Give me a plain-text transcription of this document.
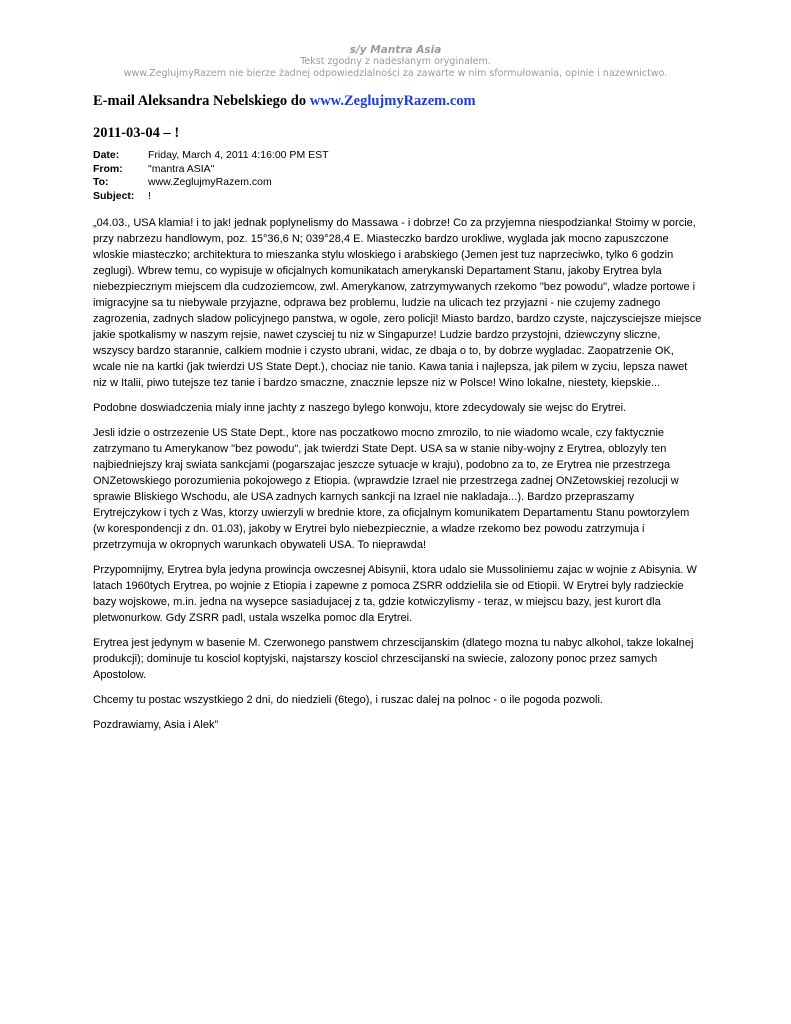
s/y Mantra Asia
Tekst zgodny z nadesłanym oryginałem.
www.ZeglujmyRazem nie bierze żadnej odpowiedzialności za zawarte w nim sformułowania, opinie i nazewnictwo.
E-mail Aleksandra Nebelskiego do www.ZeglujmyRazem.com
2011-03-04 – !
Date:	Friday, March 4, 2011 4:16:00 PM EST
From:	"mantra ASIA"
To:	www.ZeglujmyRazem.com
Subject:	!

„04.03., USA klamia! i to jak! jednak poplynelismy do Massawa - i dobrze! Co za przyjemna niespodzianka! Stoimy w porcie, przy nabrzezu handlowym, poz. 15°36,6 N; 039°28,4 E. Miasteczko bardzo urokliwe, wyglada jak mocno zapuszczone wloskie miasteczko; architektura to mieszanka stylu wloskiego i arabskiego (Jemen jest tuz naprzeciwko, tylko 6 godzin zeglugi). Wbrew temu, co wypisuje w oficjalnych komunikatach amerykanski Departament Stanu, jakoby Erytrea byla niebezpiecznym miejscem dla cudzoziemcow, zwl. Amerykanow, zatrzymywanych rzekomo "bez powodu", wladze portowe i imigracyjne sa tu niebywale przyjazne, odprawa bez problemu, ludzie na ulicach tez przyjazni - nie czujemy zadnego zagrozenia, zadnych sladow policyjnego panstwa, w ogole, zero policji! Miasto bardzo, bardzo czyste, najczysciejsze miejsce jakie spotkalismy w naszym rejsie, nawet czysciej tu niz w Singapurze! Ludzie bardzo przystojni, dziewczyny sliczne, wszyscy bardzo starannie, calkiem modnie i czysto ubrani, widac, ze dbaja o to, by dobrze wygladac. Zaopatrzenie OK, wcale nie na kartki (jak twierdzi US State Dept.), chociaz nie tanio. Kawa tania i najlepsza, jak pilem w zyciu, lepsza nawet niz w Italii, piwo tutejsze tez tanie i bardzo smaczne, znacznie lepsze niz w Polsce! Wino lokalne, niestety, kiepskie...

Podobne doswiadczenia mialy inne jachty z naszego bylego konwoju, ktore zdecydowaly sie wejsc do Erytrei.

Jesli idzie o ostrzezenie US State Dept., ktore nas poczatkowo mocno zmrozilo, to nie wiadomo wcale, czy faktycznie zatrzymano tu Amerykanow "bez powodu", jak twierdzi State Dept. USA sa w stanie niby-wojny z Erytrea, oblozyly ten najbiedniejszy kraj swiata sankcjami (pogarszajac jeszcze sytuacje w kraju), podobno za to, ze Erytrea nie przestrzega ONZetowskiego porozumienia pokojowego z Etiopia. (wprawdzie Izrael nie przestrzega zadnej ONZetowskiej rezolucji w sprawie Bliskiego Wschodu, ale USA zadnych karnych sankcji na Izrael nie nakladaja...). Bardzo przepraszamy Erytrejczykow i tych z Was, ktorzy uwierzyli w brednie ktore, za oficjalnym komunikatem Departamentu Stanu powtorzylem (w korespondencji z dn. 01.03), jakoby w Erytrei bylo niebezpiecznie, a wladze rzekomo bez powodu zatrzymuja i przetrzymuja w okropnych warunkach obywateli USA. To nieprawda!

Przypomnijmy, Erytrea byla jedyna prowincja owczesnej Abisynii, ktora udalo sie Mussoliniemu zajac w wojnie z Abisynia. W latach 1960tych Erytrea, po wojnie z Etiopia i zapewne z pomoca ZSRR oddzielila sie od Etiopii. W Erytrei byly radzieckie bazy wojskowe, m.in. jedna na wysepce sasiadujacej z ta, gdzie kotwiczylismy - teraz, w miejscu bazy, jest kurort dla pletwonurkow. Gdy ZSRR padl, ustala wszelka pomoc dla Erytrei.

Erytrea jest jedynym w basenie M. Czerwonego panstwem chrzescijanskim (dlatego mozna tu nabyc alkohol, takze lokalnej produkcji); dominuje tu kosciol koptyjski, najstarszy kosciol chrzescijanski na swiecie, zalozony ponoc przez samych Apostolow.

Chcemy tu postac wszystkiego 2 dni, do niedzieli (6tego), i ruszac dalej na polnoc - o ile pogoda pozwoli.

Pozdrawiamy, Asia i Alek”
